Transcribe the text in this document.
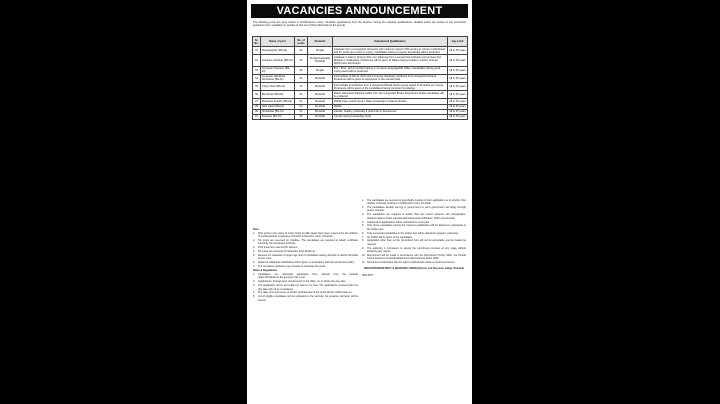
VACANCIES ANNOUNCEMENT
The following posts are lying vacant in Civil/Sessions Court, Khushab. Applications from the devices, having the required qualifications, detailed below are invited on the prescribed application form available on website of this court (https://khushab.dc.lhc.gov.pk).
Sr. No.	Name of post	No. of posts	Domicile	Educational Qualification	Age Limit
01	Stenographer (BS-14)	02	Punjab	Graduate from a recognized University with minimum speed of 60 words per minute in Shorthand and 40 words per minute in typing. Candidates having computer knowledge will be preferred.	18 to 25 years
02	Assistant Librarian (BS-16)	01	Punjab Preferably Khushab	Graduate in Library Science (Ms. Inst. Diploma) from a recognized institution and at least 2nd Division in Graduation. Preference will be given to Master Degree holder in Library Science (MLIS) and 1st Division.	18 to 28 years
03	Computer Operator (BS-12)	02	Punjab	B.A. / B.Sc. with 6 months training in computer language/MS Office. Candidates having good typing speed will be preferred.	18 to 25 years
04	Computer Hardware Technician (BS-11)	01	Khushab	Intermediate (F.A/F.Sc./ICS) with Computer Hardware certificate from recognized institute. Preference will be given to experience in the relevant field.	18 to 25 years
05	Junior Clerk (BS-11)	10	Khushab	Intermediate 2nd Division from a recognized Board having typing speed of 30 words per minute. Preference will be given to the candidates having computer knowledge.	18 to 25 years
06	Electrician (BS-05)	01	Khushab	Matric. Electrician Diploma holder from the recognized Board. Experience holder candidates will be preferred.	18 to 25 years
07	Moazzan/ Khadim (BS-01)	01	Khushab	Middle Pass. Hasfiz-Quran. Basic knowledge of Islamic Studies.	18 to 25 years
08	Naib Qasid (BS-01)	02	Khushab	Middle	18 to 25 years
09	Chowkidar (BS-01)	01	Khushab	Literate, healthy, preferably a retired Army Serviceman	18 to 25 years
10	Sweeper (BS-01)	02	Khushab	Literate having knowledge of job	18 to 25 years
Note
1.	20% posts in the cadre of Junior Clerk & Naib Qasid have been reserved for the children of working/retired employees of District & Sessions Court, Khushab.
2.	3% posts are reserved for disables. The candidates are required to attach certificate issued by the competent authority.
3.	15% posts are reserved for Women.
4.	5% posts are reserved for Minorities (Non-Muslims).
5.	Request for relaxation of upper age limit of candidates having domicile of district Khushab as per rules.
6.	Marks for additional qualification will be given in accordance with the recruitment policy.
7.	The competent authority may increase or decrease the posts.
Rules & Regulations
1.	Candidates can download application form, directly from the website (https://khushab.dc.lhc.gov.pk) of the court.
2.	Applications, through post, should reach in the office, on or before the due date.
3.	The application will be sent either by hand or by post. The applications received after the due date will not be entertained.
4.	The date, time and venue of written test/interview of the posts will be notified later on.
5.	List of eligible candidates will be uploaded on the website. No separate call letter will be issued.
1.	The candidates are required to specifically mention in their application as to whether their relative is already working in Civil/Session court, Khushab.
2.	The candidates already serving in government or semi government will apply through proper channel.
3.	The candidates are required to attach their two recent passport size photographs, attested copies of their educational/professional certificates, CNIC and domicile.
4.	Independent applications will be submitted for each post.
5.	Only those candidates having the required qualification will be allowed to participate in the written test.
6.	Only successful candidates in the written test will be allowed to appear in interview.
7.	No TA/DA will be given to the candidates.
8.	Application other than on the prescribed form will not be acceptable and be treated as rejected.
9.	The authority is competent to cancel the recruitment process at any stage without assigning any reason.
10. Recruitment will be made in accordance with the Recruitment Policy 2022, the Punjab Civil & Sessions Courts Establishment (Recruitment) Rules 2009.
11. Recruitment Committee has the right to withhold the whole recruitment process.
(REGISTRAR/DISTRICT & SESSIONS JUDGE) District and Sessions Judge, Khushab
PPE-0877
